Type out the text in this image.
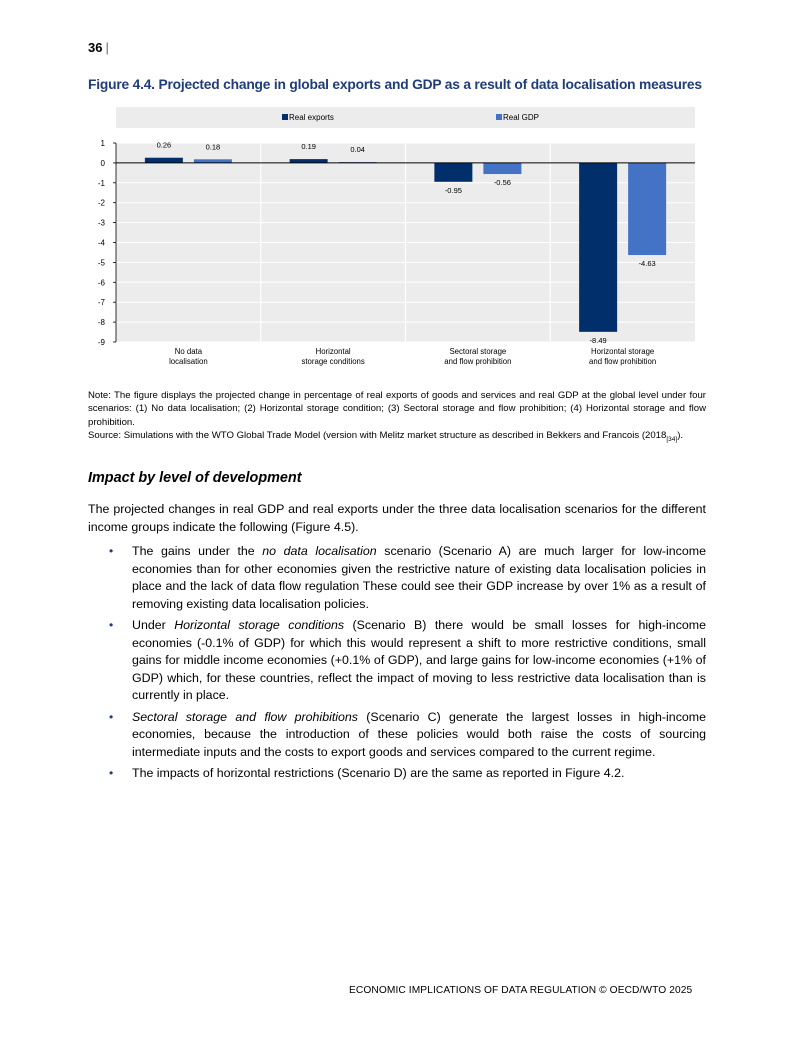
36 |
Figure 4.4. Projected change in global exports and GDP as a result of data localisation measures
1
0
-1
-2
-3
-4
-5
-6
-7
-8
-9
0.26	0.18
No data
localisation
0.19	0.04
Horizontal
storage conditions
-0.95
-0.56
Sectoral storage
and flow prohibition
-8.49
-4.63
Horizontal storage
and flow prohibition
Real exports	Real GDP
Note: The figure displays the projected change in percentage of real exports of goods and services and real GDP at the global level under four scenarios: (1) No data localisation; (2) Horizontal storage condition; (3) Sectoral storage and flow prohibition; (4) Horizontal storage and flow prohibition.
Source: Simulations with the WTO Global Trade Model (version with Melitz market structure as described in Bekkers and Francois $(2018_{[34]})$.
Impact by level of development
The projected changes in real GDP and real exports under the three data localisation scenarios for the different income groups indicate the following (Figure 4.5).
• The gains under the no data localisation scenario (Scenario A) are much larger for low-income economies than for other economies given the restrictive nature of existing data localisation policies in place and the lack of data flow regulation These could see their GDP increase by over 1% as a result of removing existing data localisation policies.
• Under Horizontal storage conditions (Scenario B) there would be small losses for high-income economies (-0.1% of GDP) for which this would represent a shift to more restrictive conditions, small gains for middle income economies (+0.1% of GDP), and large gains for low-income economies (+1% of GDP) which, for these countries, reflect the impact of moving to less restrictive data localisation than is currently in place.
• Sectoral storage and flow prohibitions (Scenario C) generate the largest losses in high-income economies, because the introduction of these policies would both raise the costs of sourcing intermediate inputs and the costs to export goods and services compared to the current regime.
• The impacts of horizontal restrictions (Scenario D) are the same as reported in Figure 4.2.
ECONOMIC IMPLICATIONS OF DATA REGULATION © OECD/WTO 2025
